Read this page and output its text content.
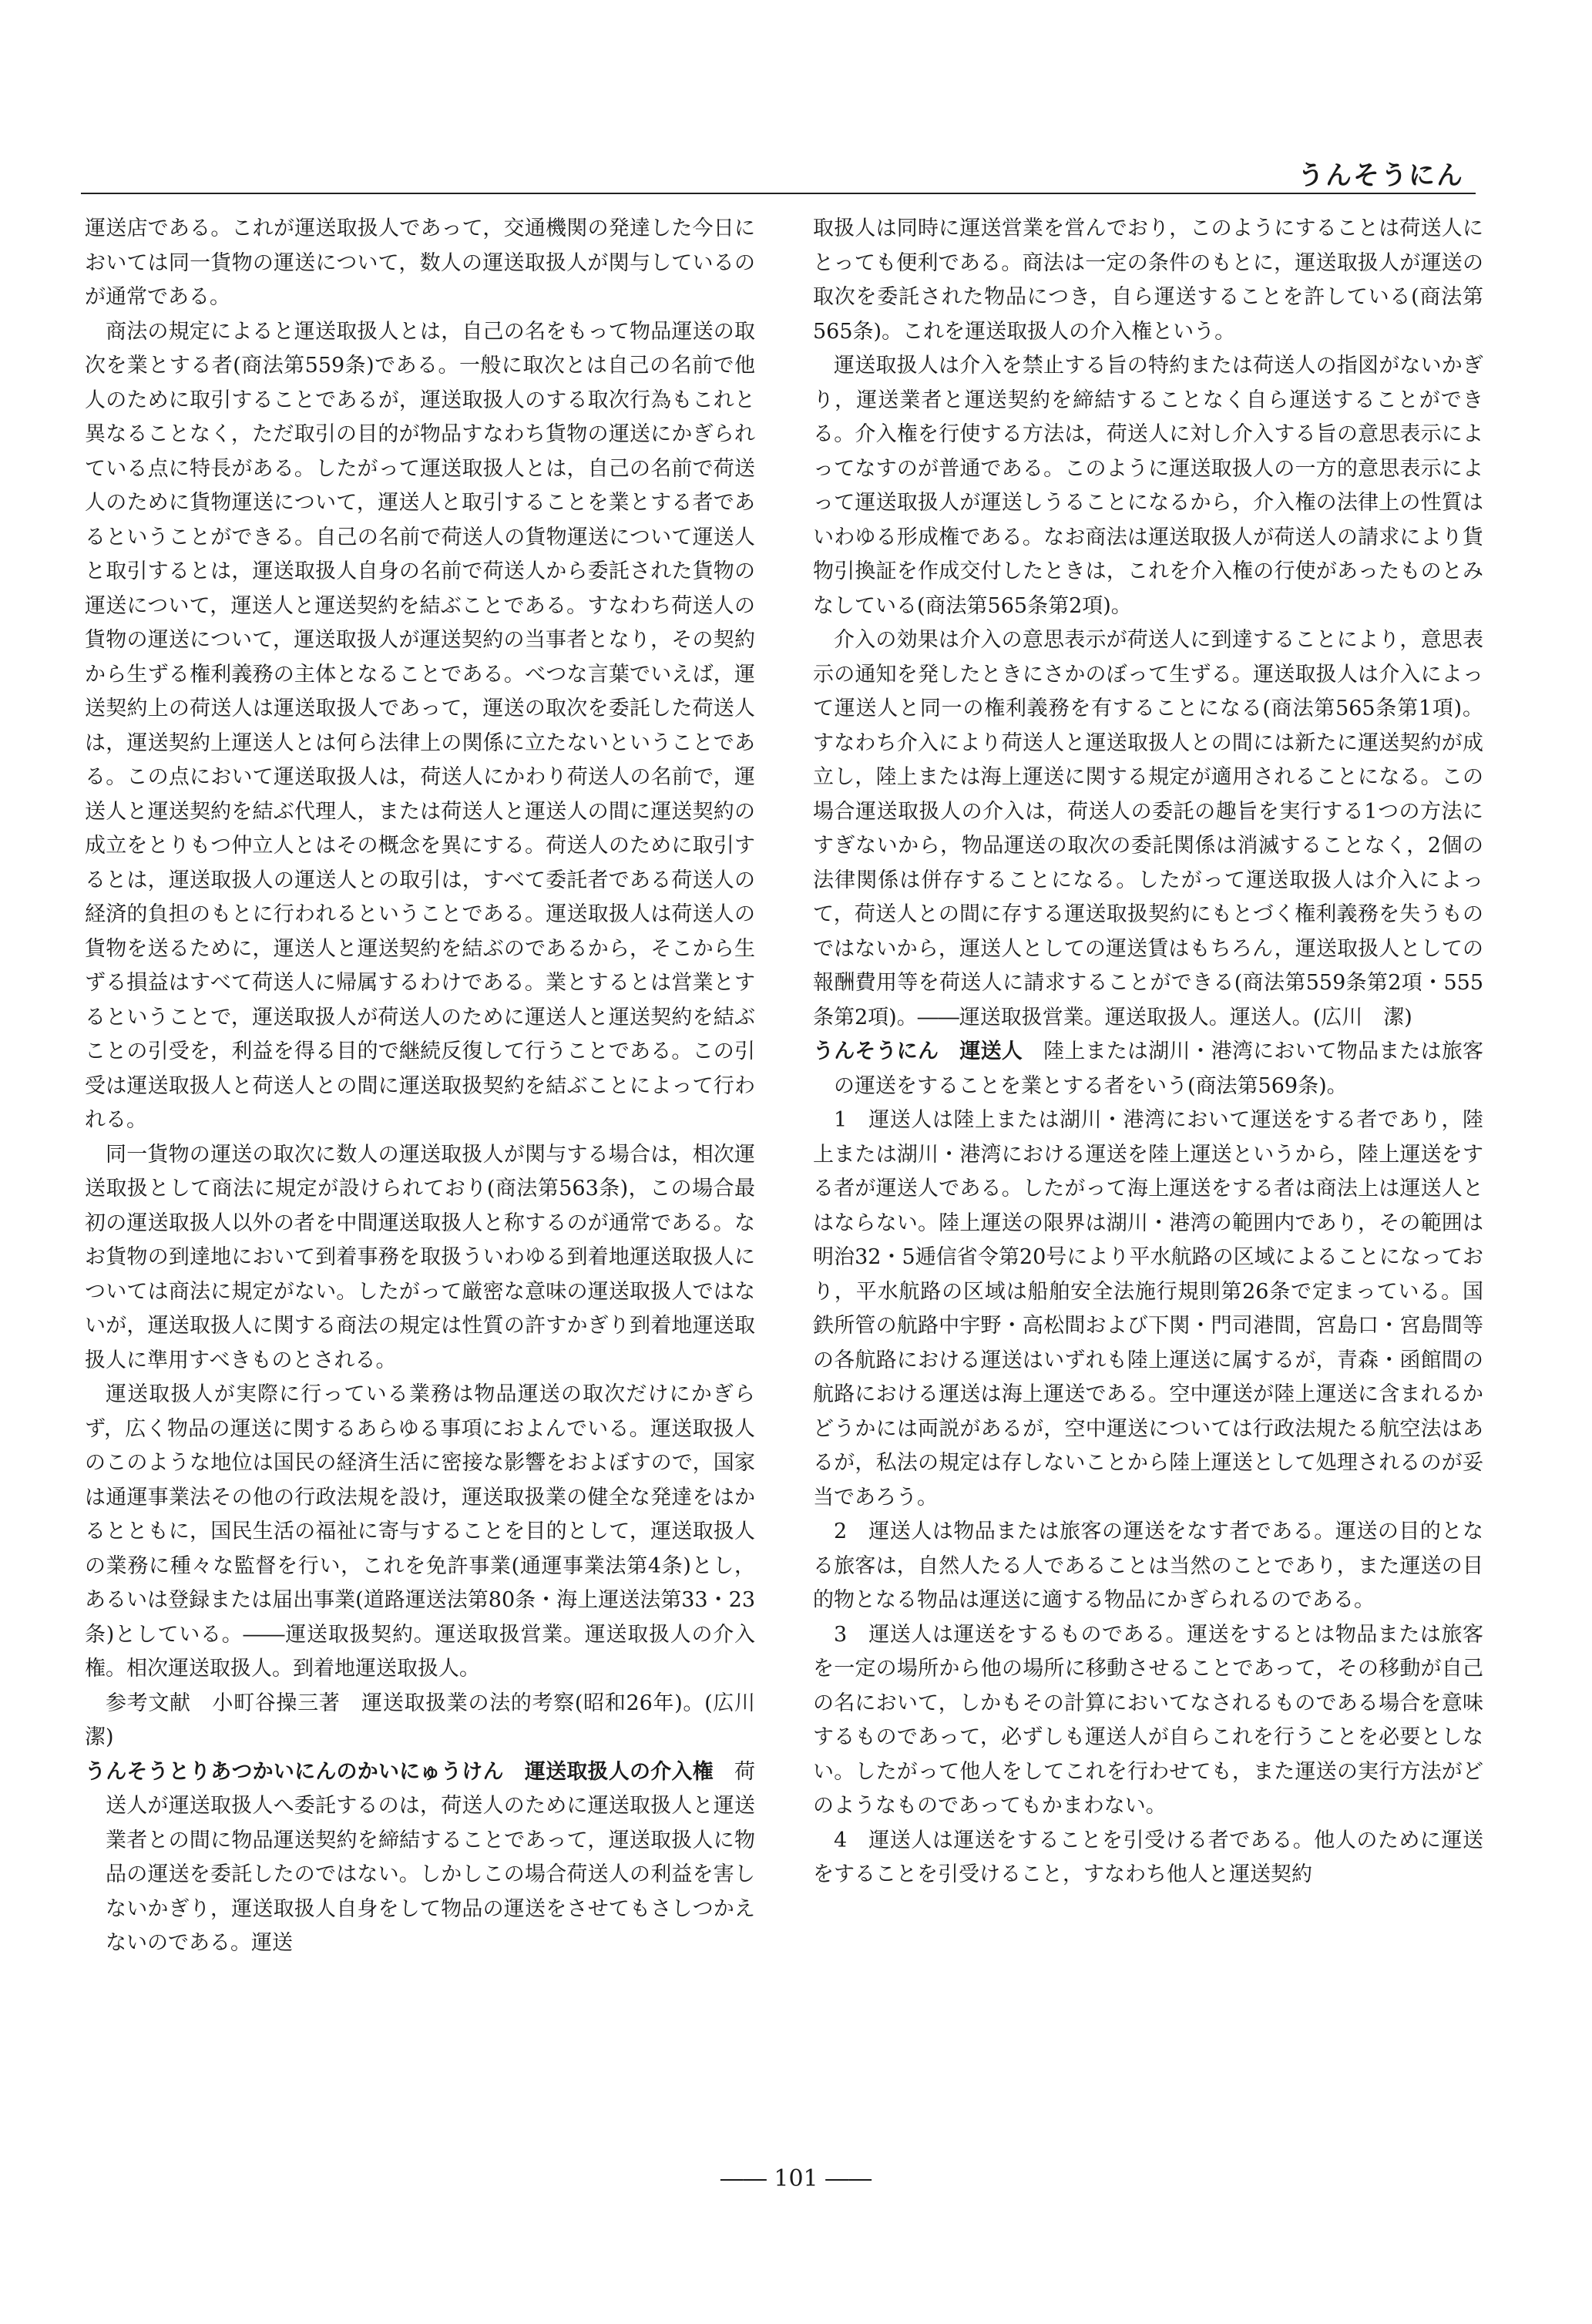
うんそうにん

運送店である。これが運送取扱人であって，交通機関の発達した今日においては同一貨物の運送について，数人の運送取扱人が関与しているのが通常である。

商法の規定によると運送取扱人とは，自己の名をもって物品運送の取次を業とする者(商法第559条)である。一般に取次とは自己の名前で他人のために取引することであるが，運送取扱人のする取次行為もこれと異なることなく，ただ取引の目的が物品すなわち貨物の運送にかぎられている点に特長がある。したがって運送取扱人とは，自己の名前で荷送人のために貨物運送について，運送人と取引することを業とする者であるということができる。自己の名前で荷送人の貨物運送について運送人と取引するとは，運送取扱人自身の名前で荷送人から委託された貨物の運送について，運送人と運送契約を結ぶことである。すなわち荷送人の貨物の運送について，運送取扱人が運送契約の当事者となり，その契約から生ずる権利義務の主体となることである。べつな言葉でいえば，運送契約上の荷送人は運送取扱人であって，運送の取次を委託した荷送人は，運送契約上運送人とは何ら法律上の関係に立たないということである。この点において運送取扱人は，荷送人にかわり荷送人の名前で，運送人と運送契約を結ぶ代理人，または荷送人と運送人の間に運送契約の成立をとりもつ仲立人とはその概念を異にする。荷送人のために取引するとは，運送取扱人の運送人との取引は，すべて委託者である荷送人の経済的負担のもとに行われるということである。運送取扱人は荷送人の貨物を送るために，運送人と運送契約を結ぶのであるから，そこから生ずる損益はすべて荷送人に帰属するわけである。業とするとは営業とするということで，運送取扱人が荷送人のために運送人と運送契約を結ぶことの引受を，利益を得る目的で継続反復して行うことである。この引受は運送取扱人と荷送人との間に運送取扱契約を結ぶことによって行われる。

同一貨物の運送の取次に数人の運送取扱人が関与する場合は，相次運送取扱として商法に規定が設けられており(商法第563条)，この場合最初の運送取扱人以外の者を中間運送取扱人と称するのが通常である。なお貨物の到達地において到着事務を取扱ういわゆる到着地運送取扱人については商法に規定がない。したがって厳密な意味の運送取扱人ではないが，運送取扱人に関する商法の規定は性質の許すかぎり到着地運送取扱人に準用すべきものとされる。

運送取扱人が実際に行っている業務は物品運送の取次だけにかぎらず，広く物品の運送に関するあらゆる事項におよんでいる。運送取扱人のこのような地位は国民の経済生活に密接な影響をおよぼすので，国家は通運事業法その他の行政法規を設け，運送取扱業の健全な発達をはかるとともに，国民生活の福祉に寄与することを目的として，運送取扱人の業務に種々な監督を行い，これを免許事業(通運事業法第4条)とし，あるいは登録または届出事業(道路運送法第80条・海上運送法第33・23条)としている。――運送取扱契約。運送取扱営業。運送取扱人の介入権。相次運送取扱人。到着地運送取扱人。

参考文献　小町谷操三著　運送取扱業の法的考察(昭和26年)。(広川　潔)

うんそうとりあつかいにんのかいにゅうけん　 運送取扱人の介入権　 荷送人が運送取扱人へ委託するのは，荷送人のために運送取扱人と運送業者との間に物品運送契約を締結することであって，運送取扱人に物品の運送を委託したのではない。しかしこの場合荷送人の利益を害しないかぎり，運送取扱人自身をして物品の運送をさせてもさしつかえないのである。運送

取扱人は同時に運送営業を営んでおり，このようにすることは荷送人にとっても便利である。商法は一定の条件のもとに，運送取扱人が運送の取次を委託された物品につき，自ら運送することを許している(商法第565条)。これを運送取扱人の介入権という。

運送取扱人は介入を禁止する旨の特約または荷送人の指図がないかぎり，運送業者と運送契約を締結することなく自ら運送することができる。介入権を行使する方法は，荷送人に対し介入する旨の意思表示によってなすのが普通である。このように運送取扱人の一方的意思表示によって運送取扱人が運送しうることになるから，介入権の法律上の性質はいわゆる形成権である。なお商法は運送取扱人が荷送人の請求により貨物引換証を作成交付したときは，これを介入権の行使があったものとみなしている(商法第565条第2項)。

介入の効果は介入の意思表示が荷送人に到達することにより，意思表示の通知を発したときにさかのぼって生ずる。運送取扱人は介入によって運送人と同一の権利義務を有することになる(商法第565条第1項)。すなわち介入により荷送人と運送取扱人との間には新たに運送契約が成立し，陸上または海上運送に関する規定が適用されることになる。この場合運送取扱人の介入は，荷送人の委託の趣旨を実行する1つの方法にすぎないから，物品運送の取次の委託関係は消滅することなく，2個の法律関係は併存することになる。したがって運送取扱人は介入によって，荷送人との間に存する運送取扱契約にもとづく権利義務を失うものではないから，運送人としての運送賃はもちろん，運送取扱人としての報酬費用等を荷送人に請求することができる(商法第559条第2項・555条第2項)。――運送取扱営業。運送取扱人。運送人。(広川　潔)

うんそうにん　 運送人　 陸上または湖川・港湾において物品または旅客の運送をすることを業とする者をいう(商法第569条)。

1　運送人は陸上または湖川・港湾において運送をする者であり，陸上または湖川・港湾における運送を陸上運送というから，陸上運送をする者が運送人である。したがって海上運送をする者は商法上は運送人とはならない。陸上運送の限界は湖川・港湾の範囲内であり，その範囲は明治32・5逓信省令第20号により平水航路の区域によることになっており，平水航路の区域は船舶安全法施行規則第26条で定まっている。国鉄所管の航路中宇野・高松間および下関・門司港間，宮島口・宮島間等の各航路における運送はいずれも陸上運送に属するが，青森・函館間の航路における運送は海上運送である。空中運送が陸上運送に含まれるかどうかには両説があるが，空中運送については行政法規たる航空法はあるが，私法の規定は存しないことから陸上運送として処理されるのが妥当であろう。

2　運送人は物品または旅客の運送をなす者である。運送の目的となる旅客は，自然人たる人であることは当然のことであり，また運送の目的物となる物品は運送に適する物品にかぎられるのである。

3　運送人は運送をするものである。運送をするとは物品または旅客を一定の場所から他の場所に移動させることであって，その移動が自己の名において，しかもその計算においてなされるものである場合を意味するものであって，必ずしも運送人が自らこれを行うことを必要としない。したがって他人をしてこれを行わせても，また運送の実行方法がどのようなものであってもかまわない。

4　運送人は運送をすることを引受ける者である。他人のために運送をすることを引受けること，すなわち他人と運送契約

―― 101 ――
